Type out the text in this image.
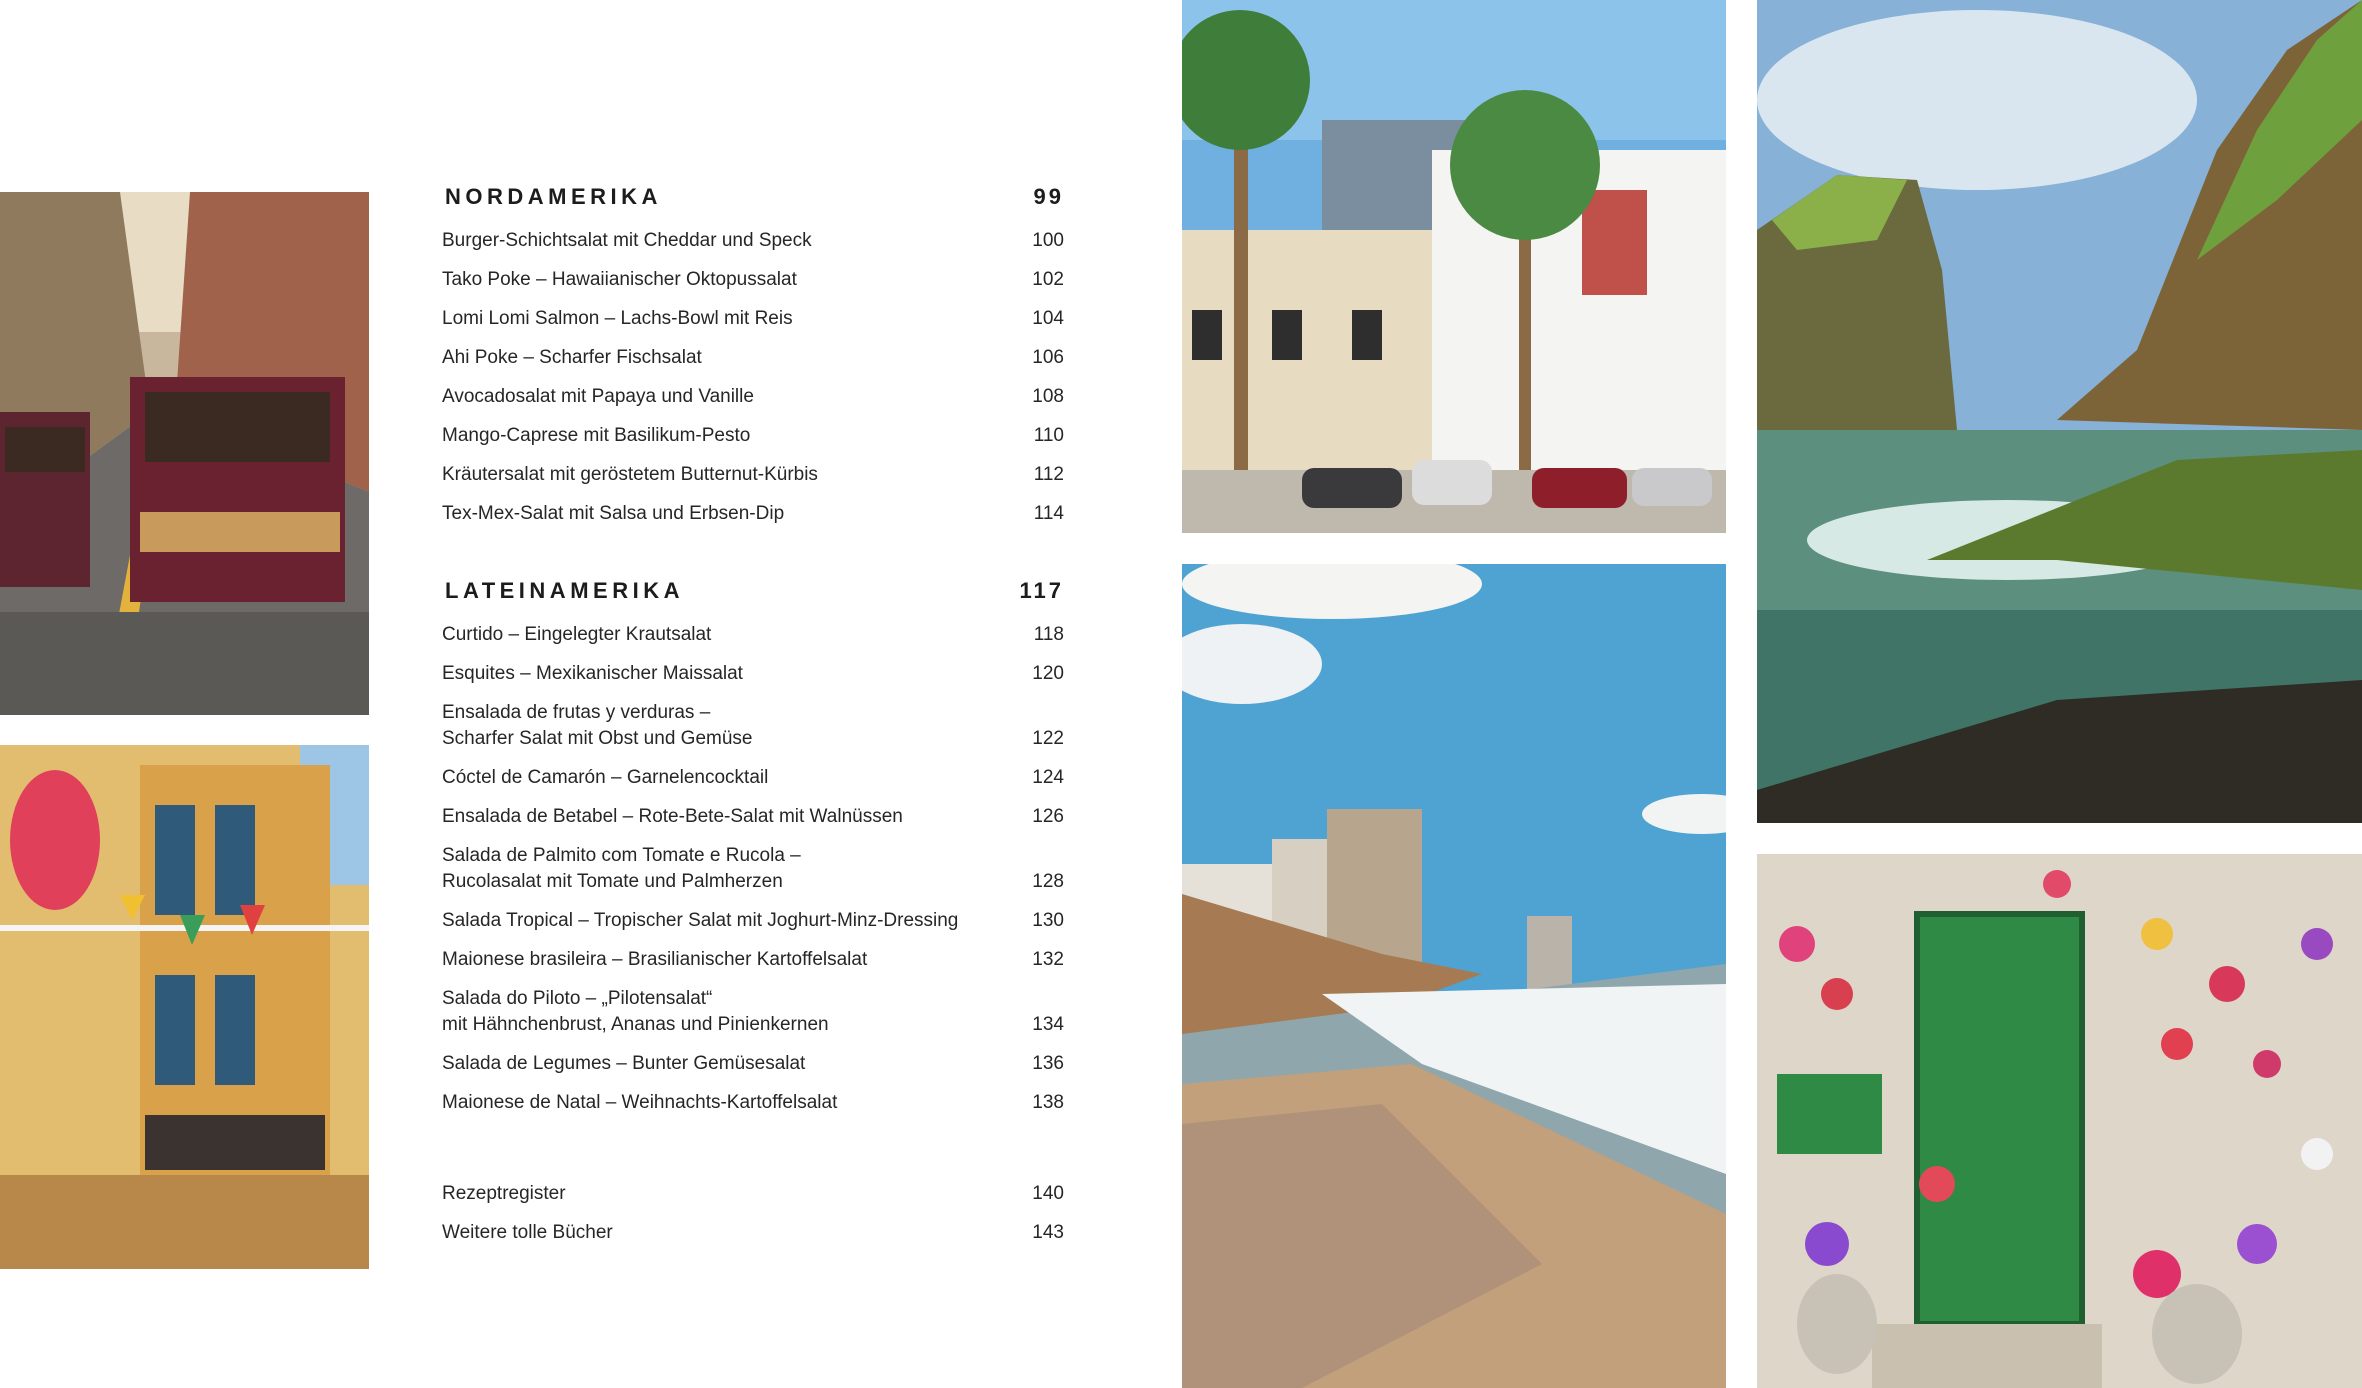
NORDAMERIKA	99
Burger-Schichtsalat mit Cheddar und Speck	100
Tako Poke – Hawaiianischer Oktopussalat	102
Lomi Lomi Salmon – Lachs-Bowl mit Reis	104
Ahi Poke – Scharfer Fischsalat	106
Avocadosalat mit Papaya und Vanille	108
Mango-Caprese mit Basilikum-Pesto	110
Kräutersalat mit geröstetem Butternut-Kürbis	112
Tex-Mex-Salat mit Salsa und Erbsen-Dip	114
LATEINAMERIKA	117
Curtido – Eingelegter Krautsalat	118
Esquites – Mexikanischer Maissalat	120
Ensalada de frutas y verduras –
Scharfer Salat mit Obst und Gemüse	122
Cóctel de Camarón – Garnelencocktail	124
Ensalada de Betabel – Rote-Bete-Salat mit Walnüssen	126
Salada de Palmito com Tomate e Rucola –
Rucolasalat mit Tomate und Palmherzen	128
Salada Tropical – Tropischer Salat mit Joghurt-Minz-Dressing	130
Maionese brasileira – Brasilianischer Kartoffelsalat	132
Salada do Piloto – „Pilotensalat“
mit Hähnchenbrust, Ananas und Pinienkernen	134
Salada de Legumes – Bunter Gemüsesalat	136
Maionese de Natal – Weihnachts-Kartoffelsalat	138
Rezeptregister	140
Weitere tolle Bücher	143
